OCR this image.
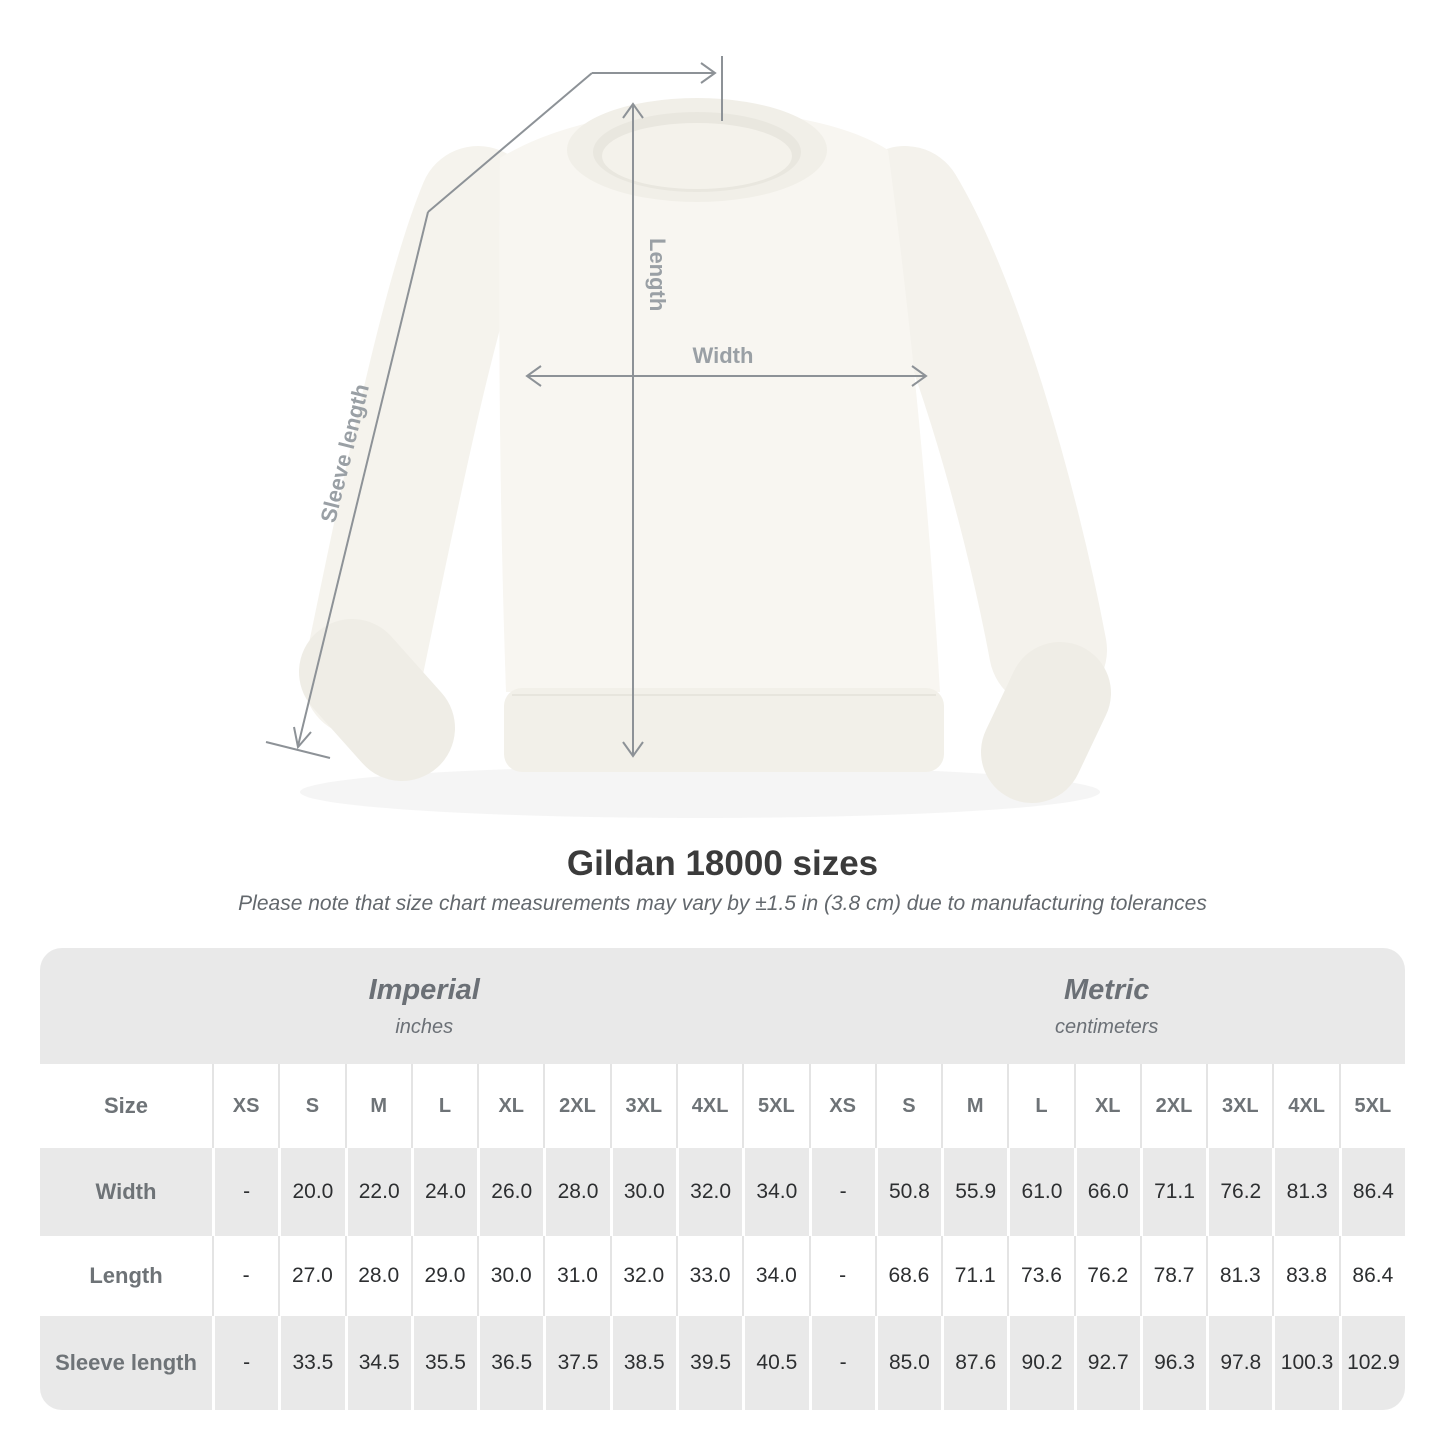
Length
Width
Sleeve length
Gildan 18000 sizes
Please note that size chart measurements may vary by ±1.5 in (3.8 cm) due to manufacturing tolerances
Imperial
inches
Metric
centimeters
Size	XS	S	M	L	XL	2XL	3XL	4XL	5XL	XS	S	M	L	XL	2XL	3XL	4XL	5XL
Width	-	20.0	22.0	24.0	26.0	28.0	30.0	32.0	34.0	-	50.8	55.9	61.0	66.0	71.1	76.2	81.3	86.4
Length	-	27.0	28.0	29.0	30.0	31.0	32.0	33.0	34.0	-	68.6	71.1	73.6	76.2	78.7	81.3	83.8	86.4
Sleeve length	-	33.5	34.5	35.5	36.5	37.5	38.5	39.5	40.5	-	85.0	87.6	90.2	92.7	96.3	97.8 100.3 102.9
